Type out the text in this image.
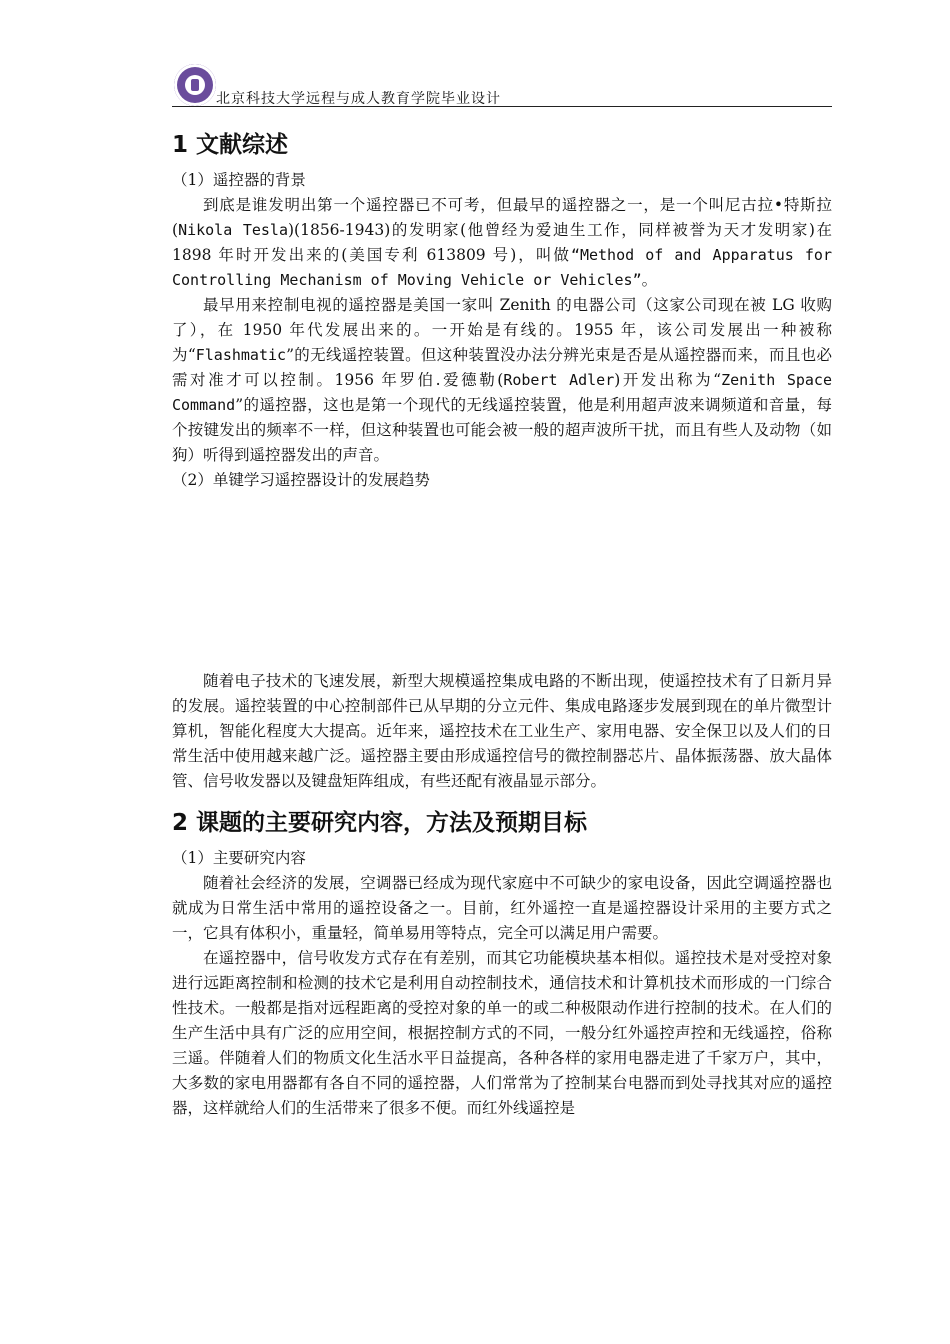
北京科技大学远程与成人教育学院毕业设计
1 文献综述
（1）遥控器的背景

到底是谁发明出第一个遥控器已不可考，但最早的遥控器之一，是一个叫尼古拉•特斯拉(Nikola Tesla)(1856-1943)的发明家(他曾经为爱迪生工作，同样被誉为天才发明家)在 1898 年时开发出来的(美国专利 613809 号)，叫做“Method of and Apparatus for Controlling Mechanism of Moving Vehicle or Vehicles”。

最早用来控制电视的遥控器是美国一家叫 Zenith 的电器公司（这家公司现在被 LG 收购了），在 1950 年代发展出来的。一开始是有线的。1955 年，该公司发展出一种被称为“Flashmatic”的无线遥控装置。但这种装置没办法分辨光束是否是从遥控器而来，而且也必需对准才可以控制。1956 年罗伯.爱德勒(Robert Adler)开发出称为“Zenith Space Command”的遥控器，这也是第一个现代的无线遥控装置，他是利用超声波来调频道和音量，每个按键发出的频率不一样，但这种装置也可能会被一般的超声波所干扰，而且有些人及动物（如狗）听得到遥控器发出的声音。

（2）单键学习遥控器设计的发展趋势

随着电子技术的飞速发展，新型大规模遥控集成电路的不断出现，使遥控技术有了日新月异的发展。遥控装置的中心控制部件已从早期的分立元件、集成电路逐步发展到现在的单片微型计算机，智能化程度大大提高。近年来，遥控技术在工业生产、家用电器、安全保卫以及人们的日常生活中使用越来越广泛。遥控器主要由形成遥控信号的微控制器芯片、晶体振荡器、放大晶体管、信号收发器以及键盘矩阵组成，有些还配有液晶显示部分。

2 课题的主要研究内容，方法及预期目标
（1）主要研究内容

随着社会经济的发展，空调器已经成为现代家庭中不可缺少的家电设备，因此空调遥控器也就成为日常生活中常用的遥控设备之一。目前，红外遥控一直是遥控器设计采用的主要方式之一，它具有体积小，重量轻，简单易用等特点，完全可以满足用户需要。

在遥控器中，信号收发方式存在有差别，而其它功能模块基本相似。遥控技术是对受控对象进行远距离控制和检测的技术它是利用自动控制技术，通信技术和计算机技术而形成的一门综合性技术。一般都是指对远程距离的受控对象的单一的或二种极限动作进行控制的技术。在人们的生产生活中具有广泛的应用空间，根据控制方式的不同，一般分红外遥控声控和无线遥控，俗称三遥。伴随着人们的物质文化生活水平日益提高，各种各样的家用电器走进了千家万户，其中，大多数的家电用器都有各自不同的遥控器，人们常常为了控制某台电器而到处寻找其对应的遥控器，这样就给人们的生活带来了很多不便。而红外线遥控是
